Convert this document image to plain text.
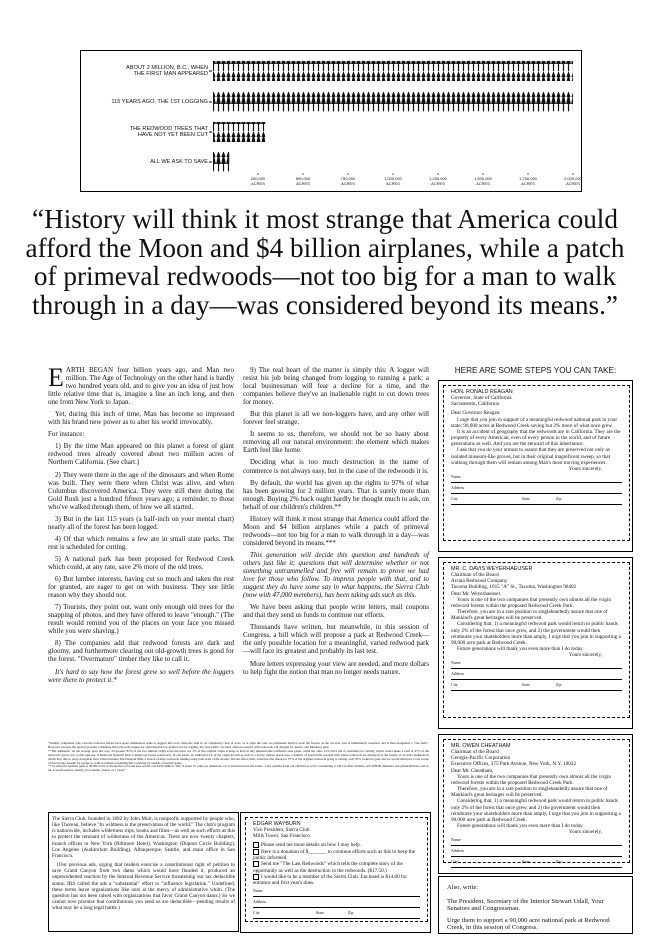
ABOUT 2 MILLION, B.C., WHEN
THE FIRST MAN APPEARED
115 YEARS AGO, THE 1ST LOGGING
THE REDWOOD TREES THAT
HAVE NOT YET BEEN CUT
ALL WE ASK TO SAVE
250,000
ACRES
500,000
ACRES
750,000
ACRES
1,000,000
ACRES
1,250,000
ACRES
1,500,000
ACRES
1,750,000
ACRES
2,000,000
ACRES
“History will think it most strange that America could afford the Moon and $4 billion airplanes, while a patch of primeval redwoods—not too big for a man to walk through in a day—was considered beyond its means.”

EARTH BEGAN four billion years ago, and Man two million. The Age of Technology on the other hand is hardly two hundred years old, and to give you an idea of just how little relative time that is, imagine a line an inch long, and then one from New York to Japan.

Yet, during this inch of time, Man has become so impressed with his brand new power as to alter his world irrevocably.

For instance:

1) By the time Man appeared on this planet a forest of giant redwood trees already covered about two million acres of Northern California. (See chart.)

2) They were there in the age of the dinosaurs and when Rome was built. They were there when Christ was alive, and when Columbus discovered America. They were still there during the Gold Rush just a hundred fifteen years ago; a reminder, to those who've walked through them, of how we all started.

3) But in the last 115 years (a half-inch on your mental chart) nearly all of the forest has been logged.

4) Of that which remains a few are in small state parks. The rest is scheduled for cutting.

5) A national park has been proposed for Redwood Creek which could, at any rate, save 2% more of the old trees.

6) But lumber interests, having cut so much and taken the rest for granted, are eager to get on with business. They see little reason why they should not.

7) Tourists, they point out, want only enough old trees for the snapping of photos, and they have offered to leave "enough." (The result would remind you of the places on your face you missed while you were shaving.)

8) The companies add that redwood forests are dark and gloomy, and furthermore clearing out old-growth trees is good for the forest. "Overmature" timber they like to call it.

It's hard to say how the forest grew so well before the loggers were there to protect it.*

9) The real heart of the matter is simply this: A logger will resist his job being changed from logging to running a park; a local businessman will fear a decline for a time, and the companies believe they've an inalienable right to cut down trees for money.

But this planet is all we non-loggers have, and any other will forever feel strange.

It seems to us, therefore, we should not be so hasty about removing all our natural environment: the element which makes Earth feel like home.

Deciding what is too much destruction in the name of commerce is not always easy, but in the case of the redwoods it is.

By default, the world has given up the rights to 97% of what has been growing for 2 million years. That is surely more than enough. Buying 2% back ought hardly be thought much to ask, on behalf of our children's children.**

History will think it most strange that America could afford the Moon and $4 billion airplanes while a patch of primeval redwoods—not too big for a man to walk through in a day—was considered beyond its means.***

This generation will decide this question and hundreds of others just like it; questions that will determine whether or not something untrammelled and free will remain to prove we had love for those who follow. To impress people with that, and to suggest they do have some say in what happens, the Sierra Club (now with 47,000 members), has been taking ads such as this.

We have been asking that people write letters, mail coupons and that they send us funds to continue our efforts.

Thousands have written, but meanwhile, in this session of Congress, a bill which will propose a park at Redwood Creek—the only possible location for a meaningful, varied redwood park—will face its greatest and probably its last test.

More letters expressing your view are needed, and more dollars to help fight the notion that man no longer needs nature.

*Lumber companies who own the redwood forests have spent tremendous sums to suggest that even when the land is cut completely clear of trees, as is often the case, no permanent harm is done the forests; as the cut-over area is immediately reseeded, and is then designated a "tree farm." However, because the special growing conditions that redwoods require are often impaired by modern tractor logging, the "tree farms" are most often not seeded with redwoods, but douglas fir, spruce, and Monterey pine.
**The arithmetic, on the acreage goes this way: At present, 85% of the two million virgin acres has been cut. 3% of the original virgin acreage is held in tiny museum-like California state parks, while the other 12% that's left is scheduled for cutting; which would make a total of 97% of the redwoods given over to that purpose. A Redwood National Park at Redwood Creek would save, in one forest, an additional 2% of the virgin growth as well as a lovely, remote beach area, a number of spectacular wooded hills where redwoods are displayed in the variety of growth conditions in which they thrive; and a navigable river which includes The Emerald Mile, a stretch of huge redwoods running along both sides of the stream. The net effect, then, would be that instead of 97% of the original redwoods going to cutting, only 95% would be gone and we would then have a real sweep of forest large enough for people to walk in without it seeming like a parking lot outside a baseball game.
***A redwood national park of 90,000 acres in the Redwood Creek area would cost $150 million. That is about 75 cents per American. Or, it amortized into the future, a few pennies from our children as well. Considering it will last their lifetime, and THEIR children's and grandchildren's and so on, it would seem to qualify, in economic jargon, as a "steal."

The Sierra Club, founded in 1892 by John Muir, is nonprofit, supported by people who, like Thoreau, believe "In wildness is the preservation of the world." The club's program is nationwide, includes wilderness trips, books and films—as well as such efforts as this to protect the remnant of wilderness of the Americas. There are now twenty chapters, branch offices in New York (Biltmore Hotel), Washington (Dupont Circle Building), Los Angeles (Auditorium Building), Albuquerque, Seattle, and main office in San Francisco.

(Our previous ads, urging that readers exercise a constitutional right of petition to save Grand Canyon from two dams which would have flooded it, produced an unprecedented reaction by the Internal Revenue Service threatening our tax deductible status. IRS called the ads a "substantial" effort to "influence legislation." Undefined, these terms leave organizations like ours at the mercy of administrative whim. (The question has not been raised with organizations that favor Grand Canyon dams.) So we cannot now promise that contributions you send us are deductible—pending results of what may be a long legal battle.)

EDGAR WAYBURN

Vice President, Sierra Club

Mills Tower, San Francisco

Please send me more details on how I may help.

Here is a donation of $_______ to continue efforts such as this to keep the public informed.

Send me "The Last Redwoods" which tells the complete story of the opportunity as well as the destruction in the redwoods. ($17.50.)

I would like to be a member of the Sierra Club. Enclosed is $14.00 for entrance and first year's dues.

Name
Address
City	State	Zip
HERE ARE SOME STEPS YOU CAN TAKE:

HON. RONALD REAGAN

Governor, State of California

Sacramento, California

Dear Governor Reagan:

I urge that you join in support of a meaningful redwood national park in your state: 90,000 acres at Redwood Creek saving but 2% more of what once grew.

It is an accident of geography that the redwoods are in California. They are the property of every American, even of every person in the world, and of future generations as well. And you are the steward of this inheritance.

I ask that you do your utmost to assure that they are preserved not only as isolated museum-like groves, but in their original magnificent sweep, so that walking through them will remain among Man's most moving experiences.

Yours sincerely,

Name
Address
City	State	Zip

MR. C. DAVIS WEYERHAEUSER

Chairman of the Board

Arcata Redwood Company

Tacoma Building, 1015 "A" St., Tacoma, Washington 98402

Dear Mr. Weyerhaeuser,

Yours is one of the two companies that presently own almost all the virgin redwood forests within the proposed Redwood Creek Park.

Therefore, you are in a rare position to singlehandedly assure that one of Mankind's great heritages will be preserved.

Considering that, 1) a meaningful redwood park would return to public hands only 2% of the forest that once grew, and 2) the government would then reimburse your shareholders more than amply, I urge that you join in supporting a 90,000 acre park at Redwood Creek.

Future generations will thank you even more than I do today.

Yours sincerely,

Name
Address
City	State	Zip

MR. OWEN CHEATHAM

Chairman of the Board

Georgia-Pacific Corporation

Executive Offices, 375 Park Avenue, New York, N.Y. 10022

Dear Mr. Cheatham,

Yours is one of the two companies that presently own almost all the virgin redwood forests within the proposed Redwood Creek Park.

Therefore, you are in a rare position to singlehandedly assure that one of Mankind's great heritages will be preserved.

Considering that, 1) a meaningful redwood park would return to public hands only 2% of the forest that once grew, and 2) the government would then reimburse your shareholders more than amply, I urge that you join in supporting a 90,000 acre park at Redwood Creek.

Future generations will thank you even more than I do today.

Yours sincerely,

Name
Address
City	State	Zip
Also, write:
The President, Secretary of the Interior Stewart Udall, Your Senators and Congressman.
Urge them to support a 90,000 acre national park at Redwood Creek, in this session of Congress.
